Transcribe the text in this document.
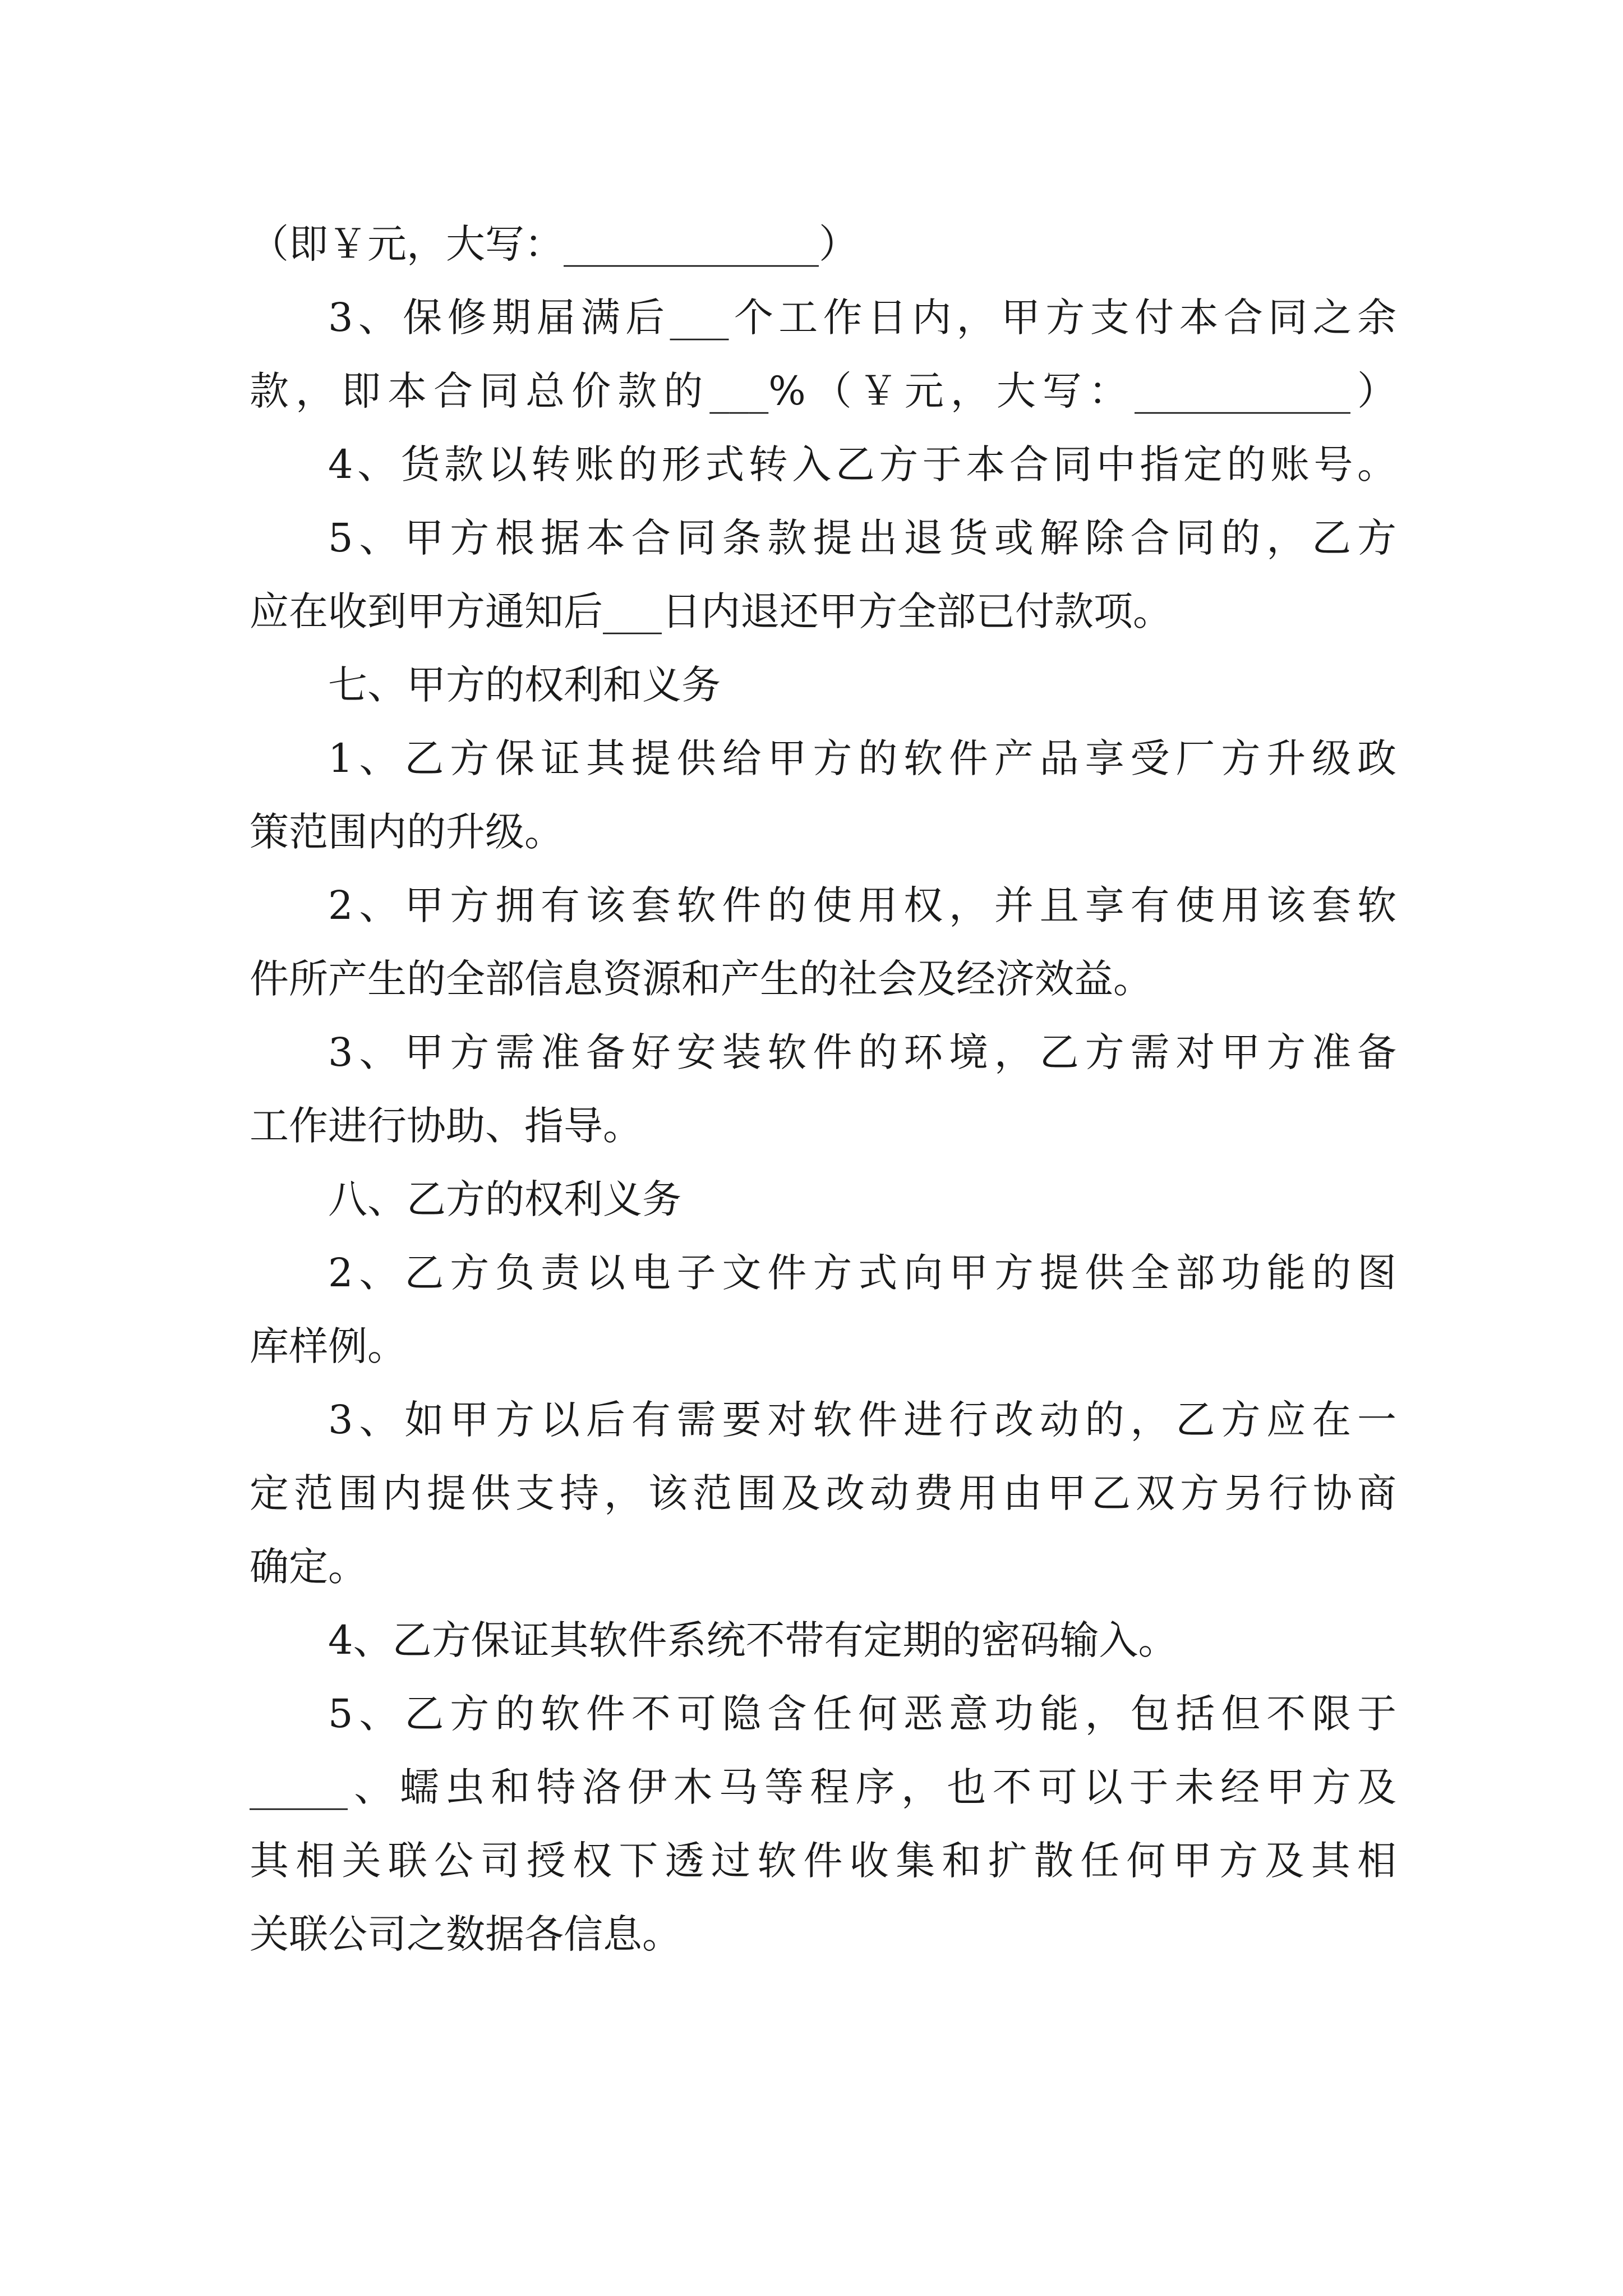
（即￥元，大写：_____________）
3、保修期届满后___个工作日内，甲方支付本合同之余
款，即本合同总价款的___%（￥元，大写：___________）
4、货款以转账的形式转入乙方于本合同中指定的账号。
5、甲方根据本合同条款提出退货或解除合同的，乙方
应在收到甲方通知后___日内退还甲方全部已付款项。
七、甲方的权利和义务
1、乙方保证其提供给甲方的软件产品享受厂方升级政
策范围内的升级。
2、甲方拥有该套软件的使用权，并且享有使用该套软
件所产生的全部信息资源和产生的社会及经济效益。
3、甲方需准备好安装软件的环境，乙方需对甲方准备
工作进行协助、指导。
八、乙方的权利义务
2、乙方负责以电子文件方式向甲方提供全部功能的图
库样例。
3、如甲方以后有需要对软件进行改动的，乙方应在一
定范围内提供支持，该范围及改动费用由甲乙双方另行协商
确定。
4、乙方保证其软件系统不带有定期的密码输入。
5、乙方的软件不可隐含任何恶意功能，包括但不限于
_____、蠕虫和特洛伊木马等程序，也不可以于未经甲方及
其相关联公司授权下透过软件收集和扩散任何甲方及其相
关联公司之数据各信息。
